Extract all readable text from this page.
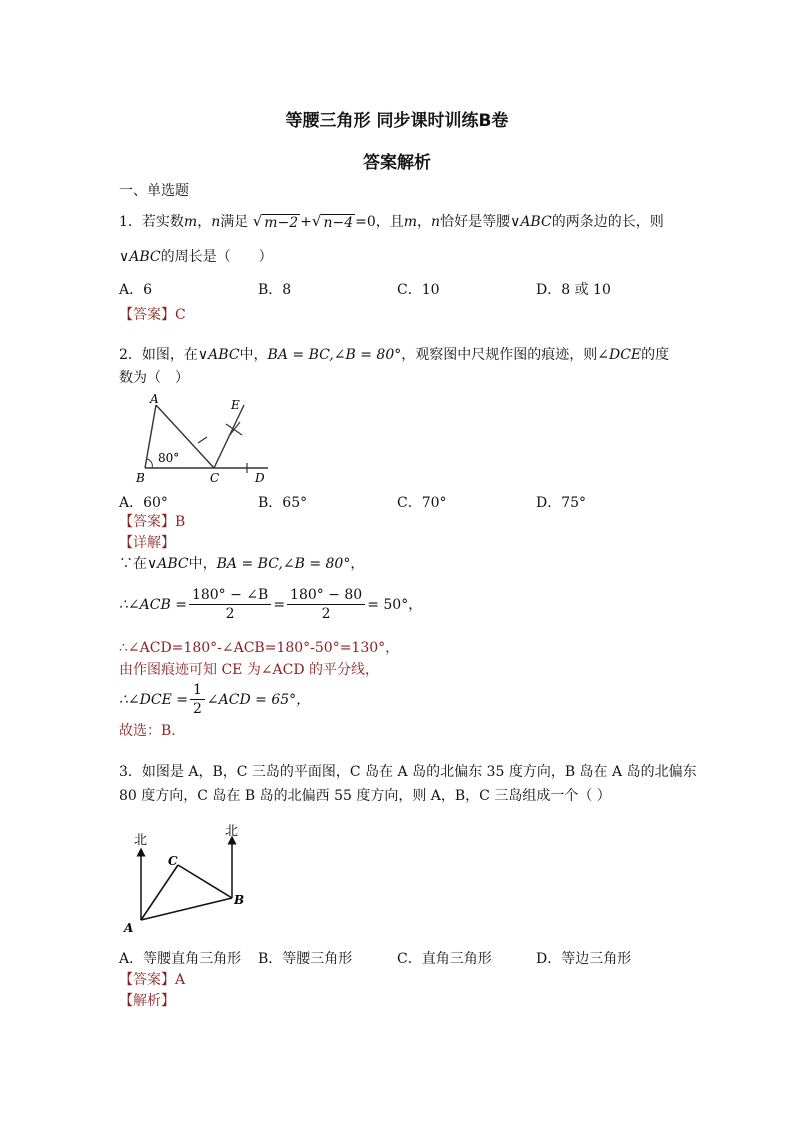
等腰三角形 同步课时训练B卷
答案解析
一、单选题
1．若实数m，n满足 √ m−2 + √ n−4 =0，且m，n恰好是等腰∨ABC的两条边的长，则
∨ABC的周长是（　　）
A．6	B．8	C．10	D．8 或 10
【答案】C
2．如图，在∨ABC中，BA = BC,∠B = 80°，观察图中尺规作图的痕迹，则∠DCE的度
数为（　）
A
B	C	D
E
80°
A．60°	B．65°	C．70°	D．75°
【答案】B
【详解】
∵在∨ABC中，BA = BC,∠B = 80°，
∴∠ACB = $\frac{180^\circ - \angle B}{2} = \frac{180^\circ - 80}{2} = 50^\circ$，
∴∠ACD=180°-∠ACB=180°-50°=130°，
由作图痕迹可知 CE 为∠ACD 的平分线，
∴∠DCE = $\frac{1}{2}$ ∠ACD = 65°，
故选：B．
3．如图是 A，B，C 三岛的平面图，C 岛在 A 岛的北偏东 35 度方向，B 岛在 A 岛的北偏东
80 度方向，C 岛在 B 岛的北偏西 55 度方向，则 A，B，C 三岛组成一个（ ）
北
北
A
B
C
A．等腰直角三角形 B．等腰三角形	C．直角三角形	D．等边三角形
【答案】A
【解析】
